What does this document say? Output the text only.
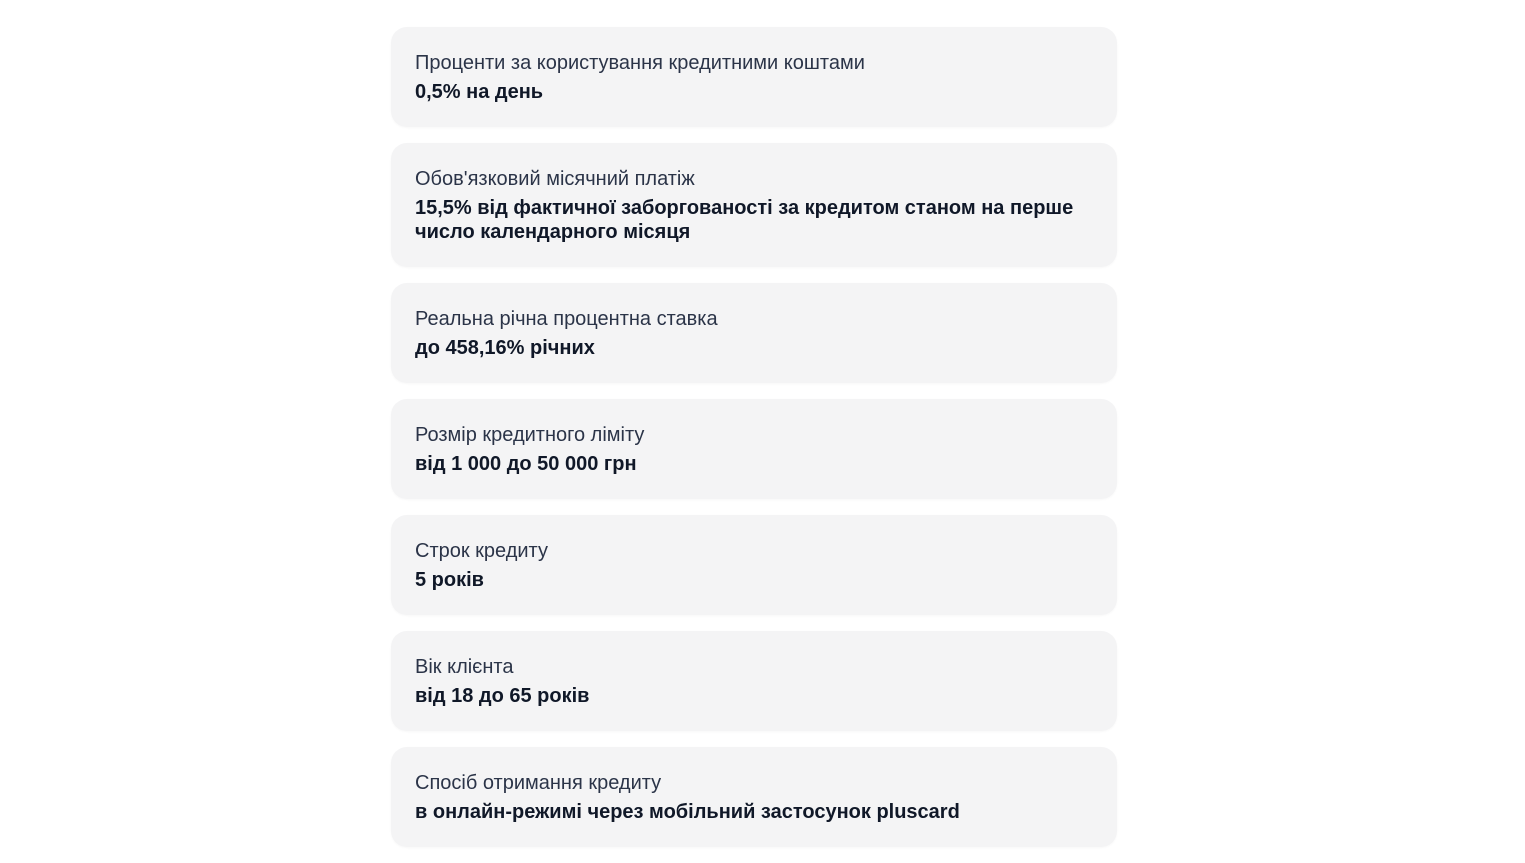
Проценти за користування кредитними коштами
0,5% на день
Обов'язковий місячний платіж
15,5% від фактичної заборгованості за кредитом станом на перше число календарного місяця
Реальна річна процентна ставка
до 458,16% річних
Розмір кредитного ліміту
від 1 000 до 50 000 грн
Строк кредиту
5 років
Вік клієнта
від 18 до 65 років
Спосіб отримання кредиту
в онлайн-режимі через мобільний застосунок pluscard
